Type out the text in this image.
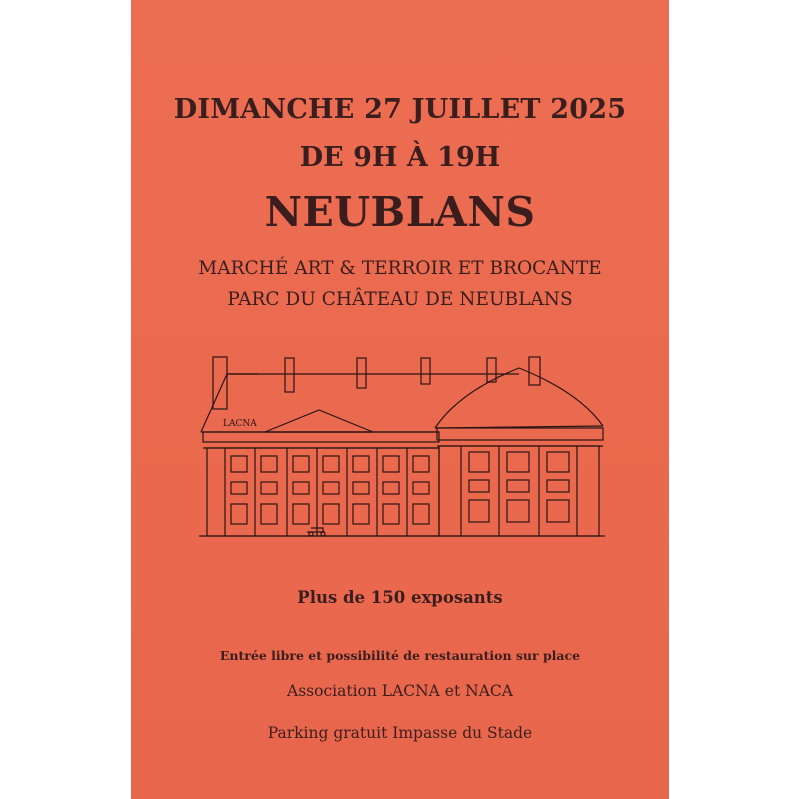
DIMANCHE 27 JUILLET 2025
DE 9H À 19H
NEUBLANS
MARCHÉ ART & TERROIR ET BROCANTE
PARC DU CHÂTEAU DE NEUBLANS
LACNA
Plus de 150 exposants
Entrée libre et possibilité de restauration sur place
Association LACNA et NACA
Parking gratuit Impasse du Stade
